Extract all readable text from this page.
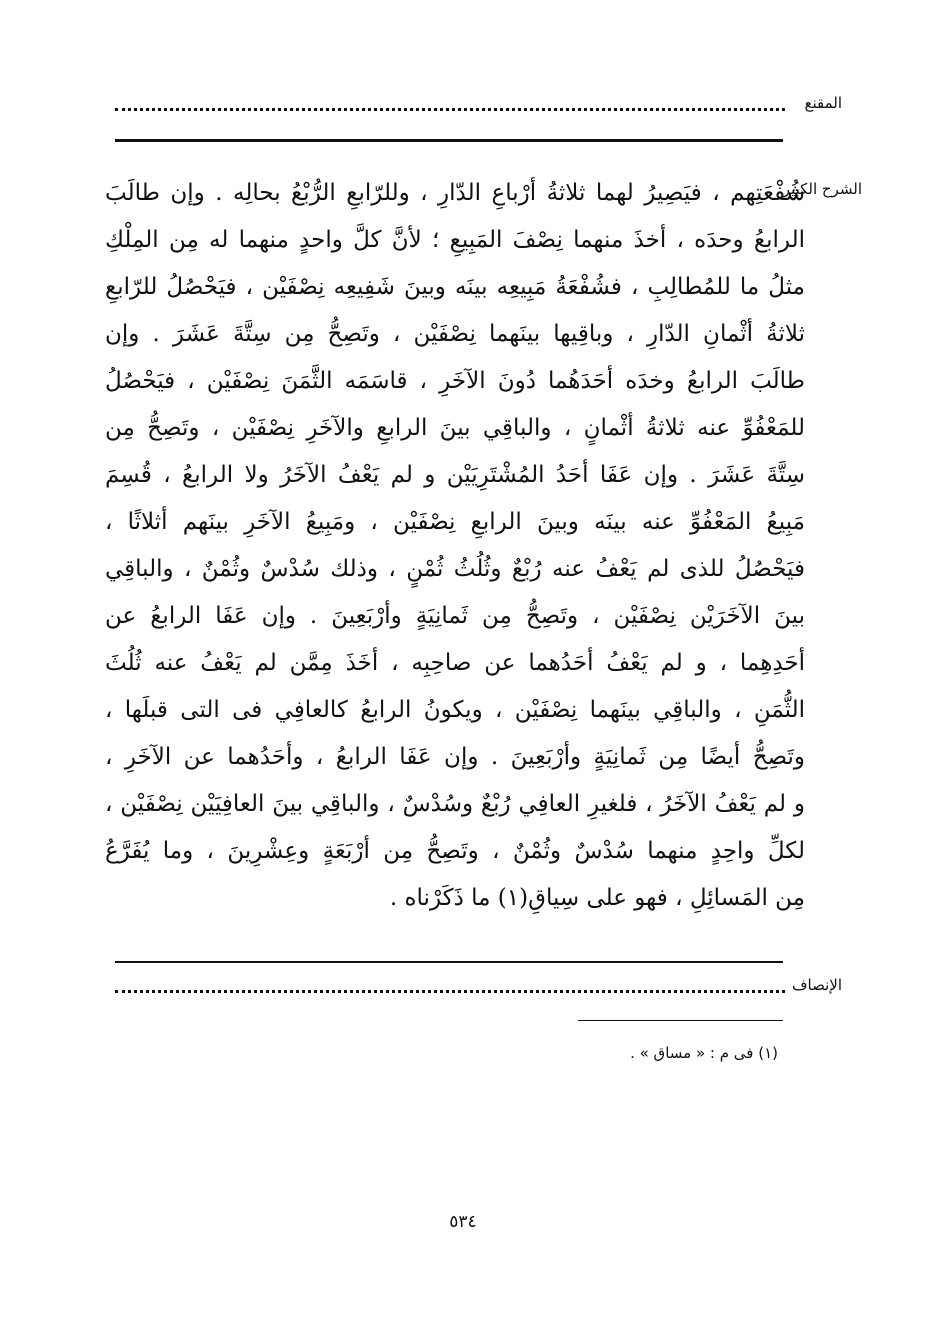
المقنع
الشرح الكبير
شُفْعَتِهم ، فيَصِيرُ لهما ثلاثةُ أرْباعِ الدّارِ ، وللرّابعِ الرُّبْعُ بحالِه . وإن طالَبَ
الرابعُ وحدَه ، أخذَ منهما نِصْفَ المَبِيعِ ؛ لأنَّ كلَّ واحدٍ منهما له مِن المِلْكِ
مثلُ ما للمُطالِبِ ، فشُفْعَةُ مَبِيعِه بينَه وبينَ شَفِيعِه نِصْفَيْن ، فيَحْصُلُ للرّابعِ
ثلاثةُ أثْمانِ الدّارِ ، وباقِيها بينَهما نِصْفَيْن ، وتَصِحُّ مِن سِتَّةَ عَشَرَ . وإن
طالَبَ الرابعُ وخدَه أحَدَهُما دُونَ الآخَرِ ، قاسَمَه الثَّمَنَ نِصْفَيْن ، فيَحْصُلُ
للمَعْفُوِّ عنه ثلاثةُ أثْمانٍ ، والباقِي بينَ الرابعِ والآخَرِ نِصْفَيْن ، وتَصِحُّ مِن
سِتَّةَ عَشَرَ . وإن عَفَا أحَدُ المُشْتَرِيَيْن و لم يَعْفُ الآخَرُ ولا الرابعُ ، قُسِمَ
مَبِيعُ المَعْفُوِّ عنه بينَه وبينَ الرابعِ نِصْفَيْن ، ومَبِيعُ الآخَرِ بينَهم أثلاثًا ،
فيَحْصُلُ للذى لم يَعْفُ عنه رُبْعٌ وثُلُثُ ثُمْنٍ ، وذلك سُدْسٌ وثُمْنٌ ، والباقِي
بينَ الآخَرَيْن نِصْفَيْن ، وتَصِحُّ مِن ثَمانِيَةٍ وأرْبَعِينَ . وإن عَفَا الرابعُ عن
أحَدِهِما ، و لم يَعْفُ أحَدُهما عن صاحِبِه ، أخَذَ مِمَّن لم يَعْفُ عنه ثُلُثَ
الثُّمَنِ ، والباقِي بينَهما نِصْفَيْن ، ويكونُ الرابعُ كالعافِي فى التى قبلَها ،
وتَصِحُّ أيضًا مِن ثَمانِيَةٍ وأرْبَعِينَ . وإن عَفَا الرابعُ ، وأحَدُهما عن الآخَرِ ،
و لم يَعْفُ الآخَرُ ، فلغيرِ العافِي رُبْعٌ وسُدْسٌ ، والباقِي بينَ العافِيَيْن نِصْفَيْن ،
لكلِّ واحِدٍ منهما سُدْسٌ وثُمْنٌ ، وتَصِحُّ مِن أرْبَعَةٍ وعِشْرِينَ ، وما يُفَرَّعُ
مِن المَسائِلِ ، فهو على سِياقِ(١) ما ذَكَرْناه .
الإنصاف
(١) فى م : « مساق » .
٥٣٤
